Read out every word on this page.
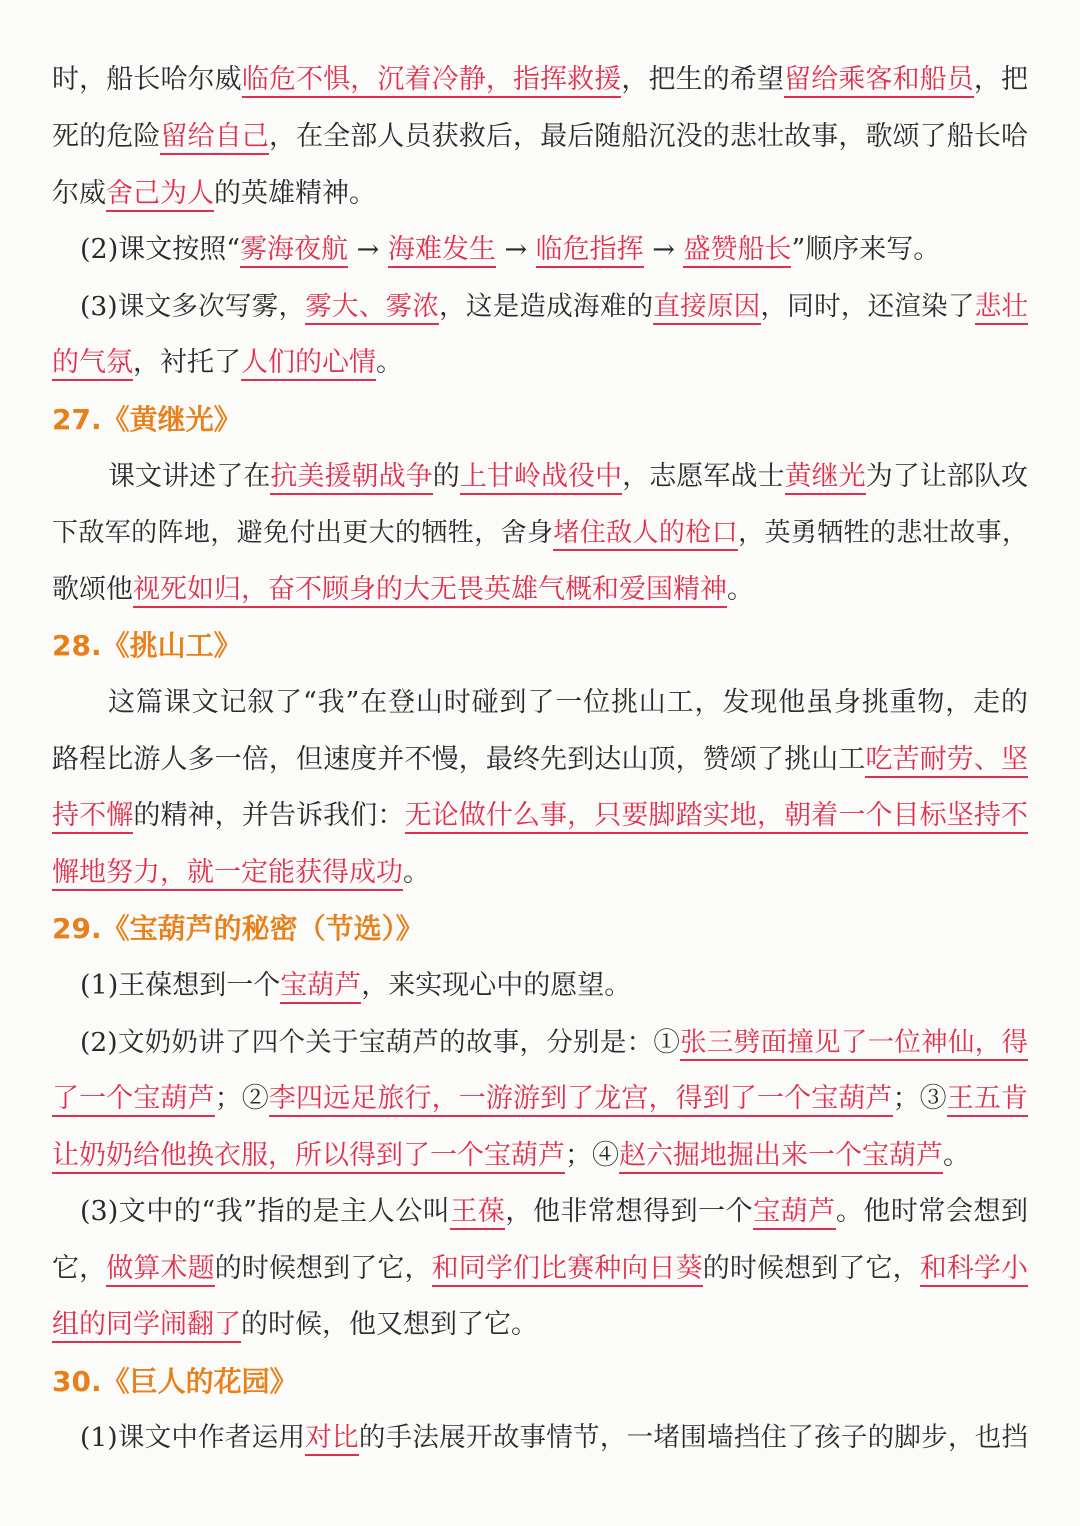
时，船长哈尔威临危不惧，沉着冷静，指挥救援，把生的希望留给乘客和船员，把
死的危险留给自己，在全部人员获救后，最后随船沉没的悲壮故事，歌颂了船长哈
尔威舍己为人的英雄精神。
(2)课文按照“雾海夜航 → 海难发生 → 临危指挥 → 盛赞船长”顺序来写。
(3)课文多次写雾，雾大、雾浓，这是造成海难的直接原因，同时，还渲染了悲壮
的气氛，衬托了人们的心情。
27.《黄继光》
课文讲述了在抗美援朝战争的上甘岭战役中，志愿军战士黄继光为了让部队攻
下敌军的阵地，避免付出更大的牺牲，舍身堵住敌人的枪口，英勇牺牲的悲壮故事，
歌颂他视死如归，奋不顾身的大无畏英雄气概和爱国精神。
28.《挑山工》
这篇课文记叙了“我”在登山时碰到了一位挑山工，发现他虽身挑重物，走的
路程比游人多一倍，但速度并不慢，最终先到达山顶，赞颂了挑山工吃苦耐劳、坚
持不懈的精神，并告诉我们：无论做什么事，只要脚踏实地，朝着一个目标坚持不
懈地努力，就一定能获得成功。
29.《宝葫芦的秘密（节选）》
(1)王葆想到一个宝葫芦，来实现心中的愿望。
(2)文奶奶讲了四个关于宝葫芦的故事，分别是：①张三劈面撞见了一位神仙，得
了一个宝葫芦；②李四远足旅行，一游游到了龙宫，得到了一个宝葫芦；③王五肯
让奶奶给他换衣服，所以得到了一个宝葫芦；④赵六掘地掘出来一个宝葫芦。
(3)文中的“我”指的是主人公叫王葆，他非常想得到一个宝葫芦。他时常会想到
它，做算术题的时候想到了它，和同学们比赛种向日葵的时候想到了它，和科学小
组的同学闹翻了的时候，他又想到了它。
30.《巨人的花园》
(1)课文中作者运用对比的手法展开故事情节，一堵围墙挡住了孩子的脚步，也挡
